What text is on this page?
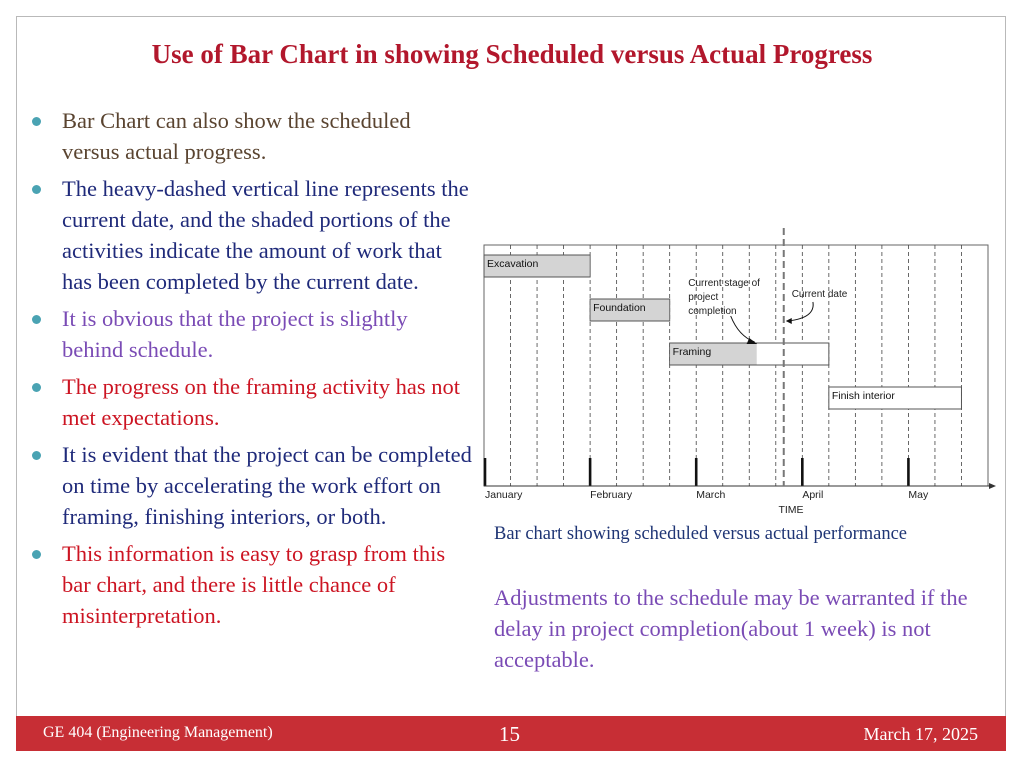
Use of Bar Chart in showing Scheduled versus Actual Progress
Bar Chart can also show the scheduled versus actual progress.
The heavy-dashed vertical line represents the current date, and the shaded portions of the activities indicate the amount of work that has been completed by the current date.
It is obvious that the project is slightly behind schedule.
The progress on the framing activity has not met expectations.
It is evident that the project can be completed on time by accelerating the work effort on framing, finishing interiors, or both.
This information is easy to grasp from this bar chart, and there is little chance of misinterpretation.
January	February	March	April	May
TIME
Excavation
Foundation
Framing
Finish interior
Current stage of project completion
Current date
Bar chart showing scheduled versus actual performance
Adjustments to the schedule may be warranted if the delay in project completion(about 1 week) is not acceptable.
GE 404 (Engineering Management)	15	March 17, 2025
